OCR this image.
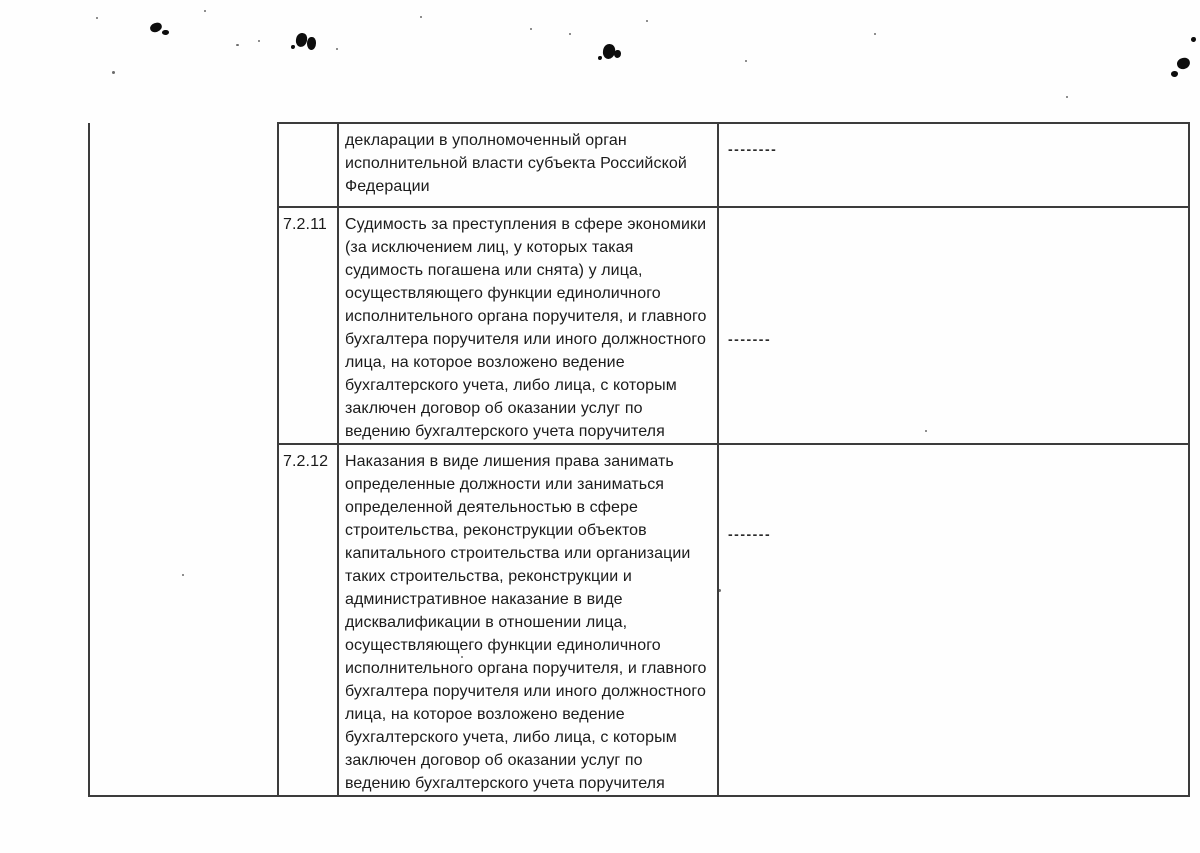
		декларации в уполномоченный орган исполнительной власти субъекта Российской Федерации	--------
	7.2.11	Судимость за преступления в сфере экономики (за исключением лиц, у которых такая судимость погашена или снята) у лица, осуществляющего функции единоличного исполнительного органа поручителя, и главного бухгалтера поручителя или иного должностного лица, на которое возложено ведение бухгалтерского учета, либо лица, с которым заключен договор об оказании услуг по ведению бухгалтерского учета поручителя	-------
	7.2.12	Наказания в виде лишения права занимать определенные должности или заниматься определенной деятельностью в сфере строительства, реконструкции объектов капитального строительства или организации таких строительства, реконструкции и административное наказание в виде дисквалификации в отношении лица, осуществляющего функции единоличного исполнительного органа поручителя, и главного бухгалтера поручителя или иного должностного лица, на которое возложено ведение бухгалтерского учета, либо лица, с которым заключен договор об оказании услуг по ведению бухгалтерского учета поручителя	-------
